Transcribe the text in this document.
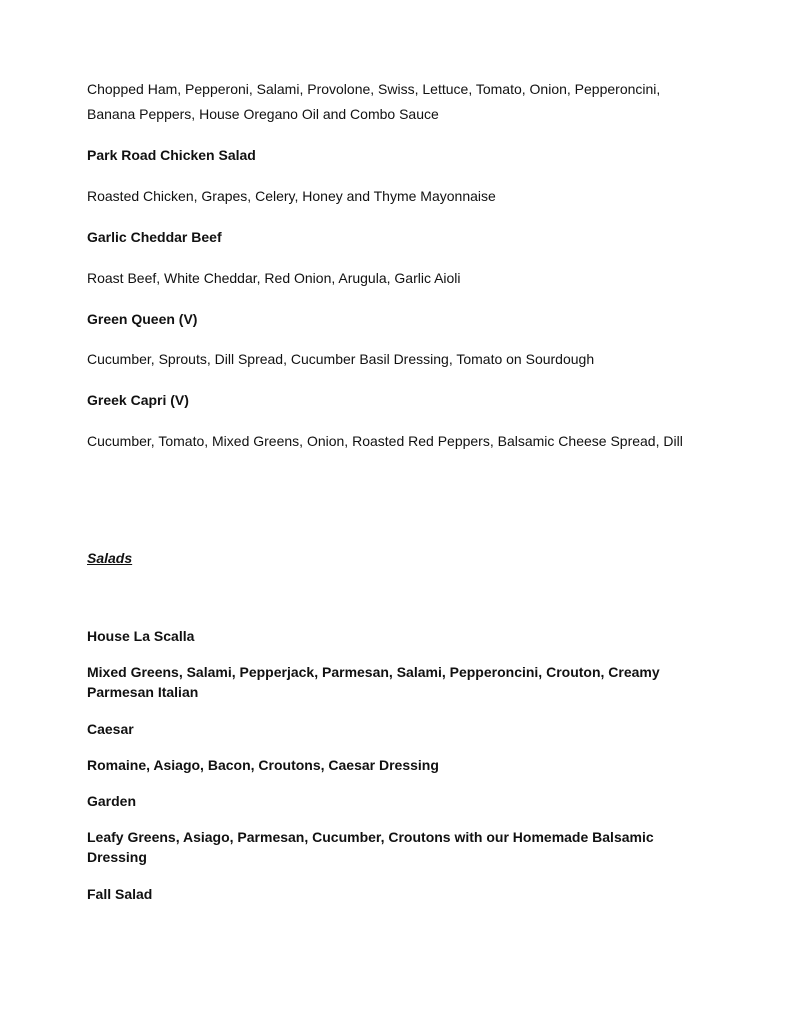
Chopped Ham, Pepperoni, Salami, Provolone, Swiss, Lettuce, Tomato, Onion, Pepperoncini,
Banana Peppers, House Oregano Oil and Combo Sauce
Park Road Chicken Salad
Roasted Chicken, Grapes, Celery, Honey and Thyme Mayonnaise
Garlic Cheddar Beef
Roast Beef, White Cheddar, Red Onion, Arugula, Garlic Aioli
Green Queen (V)
Cucumber, Sprouts, Dill Spread, Cucumber Basil Dressing, Tomato on Sourdough
Greek Capri (V)
Cucumber, Tomato, Mixed Greens, Onion, Roasted Red Peppers, Balsamic Cheese Spread, Dill
Salads
House La Scalla
Mixed Greens, Salami, Pepperjack, Parmesan, Salami, Pepperoncini, Crouton, Creamy
Parmesan Italian
Caesar
Romaine, Asiago, Bacon, Croutons, Caesar Dressing
Garden
Leafy Greens, Asiago, Parmesan, Cucumber, Croutons with our Homemade Balsamic
Dressing
Fall Salad
